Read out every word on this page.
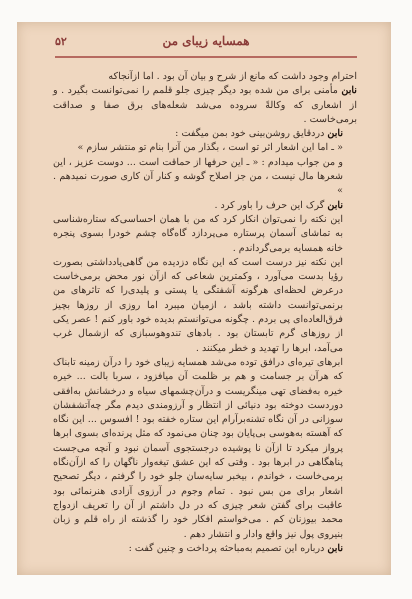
همسایه زیبای من
۵۲

احترام وجود داشت که مانع از شرح و بیان آن بود . اما ازآنجاکه

نابن مأمنی برای من شده بود دیگر چیزی جلو قلمم را نمی‌توانست بگیرد . و از اشعاری که وکالةً سروده می‌شد شعله‌های برق صفا و صداقت برمی‌خاست .

نابن دردقایق روشن‌بینی خود بمن میگفت :

« ـ اما این اشعار اثر تو است ، بگذار من آنرا بنام تو منتشر سازم »

و من جواب میدادم : « ـ این حرفها از حماقت است ... دوست عزیز ، این شعرها مال نیست ، من جز اصلاح گوشه و کنار آن کاری صورت نمیدهم . »

نابن گرک این حرف را باور کرد .

این نکته را نمی‌توان انکار کرد که من با همان احساسی‌که ستاره‌شناسی به تماشای آسمان پرستاره می‌پردازد گاه‌گاه چشم خودرا بسوی پنجره خانه همسایه برمی‌گرداندم .

این نکته نیز درست است که این نگاه دزدیده من گاهی‌یادداشتی بصورت رؤیا بدست می‌آورد ، وکمترین شعاعی که ازآن نور محض برمی‌خاست درعرض لحظه‌ای هرگونه آشفتگی یا پستی و پلیدی‌را که تاثرهای من برنمی‌توانست داشته باشد ، ازمیان میبرد اما روزی از روزها بچیز فرق‌العاده‌ای پی بردم . چگونه می‌توانستم بدیده خود باور کنم ! عصر یکی از روزهای گرم تابستان بود . بادهای تندوهوسبازی که ازشمال غرب می‌آمد، ابرها را تهدید و خطر میکنند .

ابرهای تیره‌ای درافق توده می‌شد همسایه زیبای خود را درآن زمینه تابناک که هرآن بر جسامت و هم بر ظلمت آن میافزود ، سربا بالت ... خیره خیره به‌فضای تهی مینگریست و درآن‌چشمهای سیاه و درخشانش به‌افقی دوردست دوخته بود دنیائی از انتظار و آرزومندی دیدم مگر چه‌آتشفشان سوزانی در آن نگاه تشنه‌برآرام این ستاره خفته بود ! افسوس ... این نگاه که آهسته به‌هوسی بی‌پایان بود چنان می‌نمود که مثل پرنده‌ای بسوی ابرها پرواز میکرد تا ازآن نا پوشیده درجستجوی آسمان نبود و آنچه می‌جست پناهگاهی در ابرها بود . وقتی که این عشق تیغه‌وار ناگهان را که ازآن‌نگاه برمی‌خاست ، خواندم ، بیخبر سایه‌سان جلو خود را گرفتم ، دیگر تصحیح اشعار برای من بس نبود . تمام وجوم در آرزوی آزادی هنرنمائی بود عاقبت برای گفتن شعر چیزی که در دل داشتم از آن را تعریف ازدواج محمد بیوزنان کم . می‌خواستم افکار خود را گذشته از راه قلم و زبان بنیروی پول نیز واقع وادار و انتشار دهم .

نابن درباره این تصمیم به‌مباحثه پرداخت و چنین گفت :
